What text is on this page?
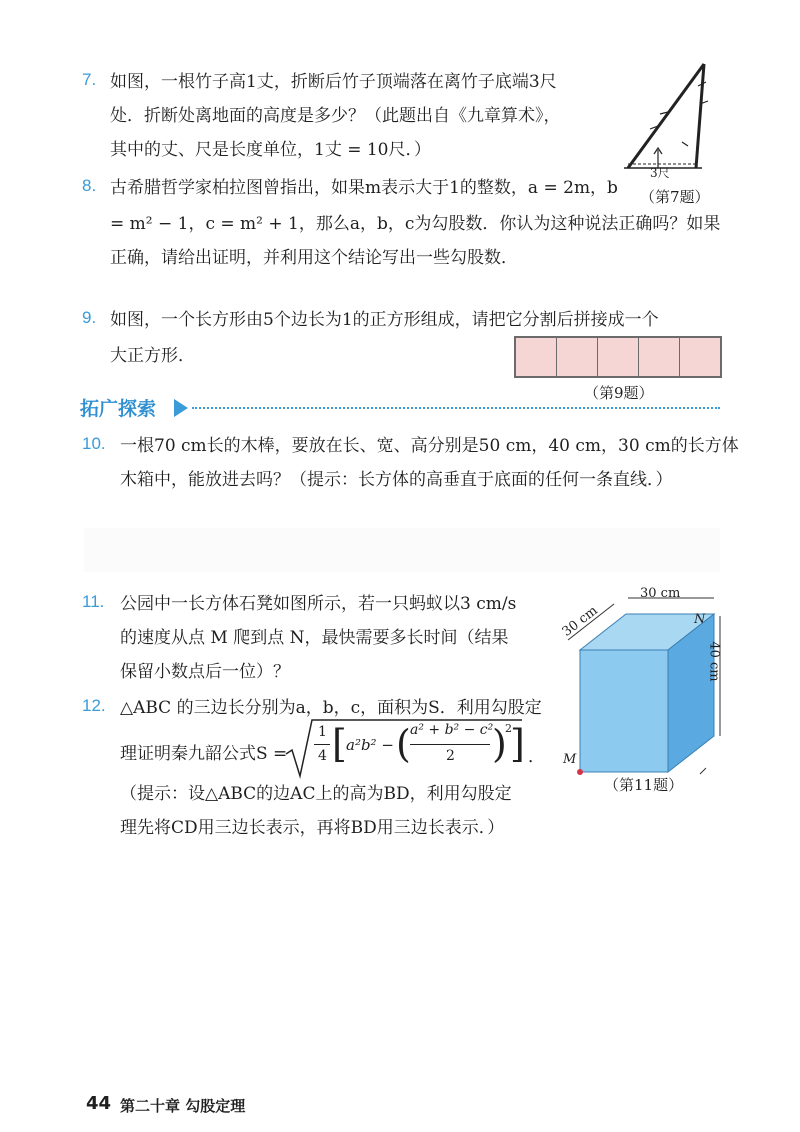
7. 如图，一根竹子高1丈，折断后竹子顶端落在离竹子底端3尺
处．折断处离地面的高度是多少？（此题出自《九章算术》，
其中的丈、尺是长度单位，1丈 = 10尺．）
3尺
（第7题）
8. 古希腊哲学家柏拉图曾指出，如果m表示大于1的整数，a = 2m，b
= m² − 1，c = m² + 1，那么a，b，c为勾股数．你认为这种说法正确吗？如果
正确，请给出证明，并利用这个结论写出一些勾股数．
9. 如图，一个长方形由5个边长为1的正方形组成，请把它分割后拼接成一个
大正方形．
（第9题）
拓广探索
10. 一根70 cm长的木棒，要放在长、宽、高分别是50 cm，40 cm，30 cm的长方体
木箱中，能放进去吗？（提示：长方体的高垂直于底面的任何一条直线．）
11. 公园中一长方体石凳如图所示，若一只蚂蚁以3 cm/s
的速度从点 M 爬到点 N，最快需要多长时间（结果
保留小数点后一位）？
30 cm
30 cm
40 cm
N
M
（第11题）
12. △ABC 的三边长分别为a，b，c，面积为S．利用勾股定
理证明秦九韶公式S =
1
4 [ a²b² − ( a² + b² − c²
2 )
2
] ．
（提示：设△ABC的边AC上的高为BD，利用勾股定
理先将CD用三边长表示，再将BD用三边长表示．）
44 第二十章 勾股定理
